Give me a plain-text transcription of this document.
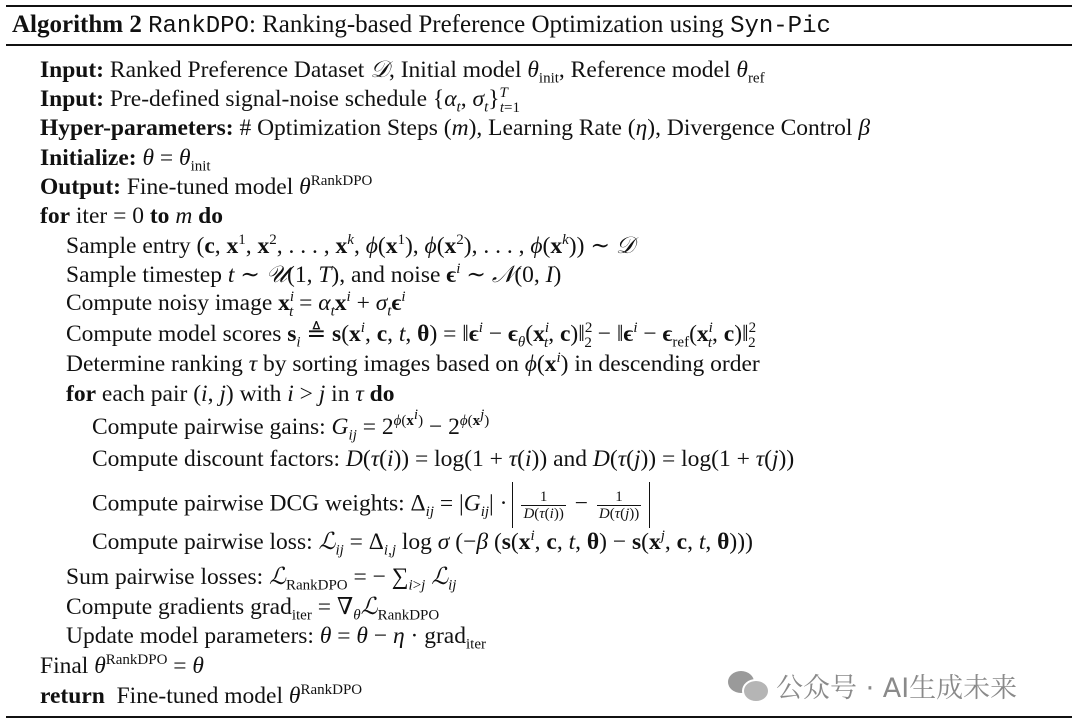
Algorithm 2 RankDPO: Ranking-based Preference Optimization using Syn-Pic
Input: Ranked Preference Dataset 𝒟, Initial model $\theta_{init}$, Reference model $\theta_{ref}$
Input: Pre-defined signal-noise schedule {$\alpha_t$, $\sigma_t\}^T_{t=1}$
Hyper-parameters: # Optimization Steps (m), Learning Rate (η), Divergence Control β
Initialize: $\theta = \theta_{init}$
Output: Fine-tuned model $\theta^{RankDPO}$
for iter = 0 to m do
Sample entry (c, $x^1$, $x^2$, . . . , $x^k$, $\phi(x^1)$, $\phi(x^2)$, . . . , $\phi(x^k)$) ∼ 𝒟
Sample timestep t ∼ 𝒰(1, T), and noise $\epsilon^i$ ∼ 𝒩(0, I)
Compute noisy image $x^i_t = \alpha_tx^i + \sigma_t\epsilon^i$
Compute model scores $s_i$ ≜ $s(x^i$, c, t, $\theta) = ‖\epsilon^i - \epsilon_\theta(x^i_t$, c)‖$^2_2$ − $‖\epsilon^i - \epsilon_{ref}(x^i_t$, c)‖$^2_2$
Determine ranking τ by sorting images based on $\phi(x^i)$ in descending order
for each pair (i, j) with i > j in τ do
Compute pairwise gains: $G_{ij} = 2^{\phi(x^i)} - 2^{\phi(x^j)}$
Compute discount factors: D(τ(i)) = log(1 + τ(i)) and D(τ(j)) = log(1 + τ(j))
Compute pairwise DCG weights: $\Delta_{ij} = |G_{ij}| \cdot \frac{1}{D(\tau(i))} - \frac{1}{D(\tau(j))}$
Compute pairwise loss: ℒ$_{ij}$ = $\Delta_{i,j}$ log σ (−β ($s(x^i$, c, t, $\theta) - s(x^j$, c, t, θ)))
Sum pairwise losses: ℒ$_{RankDPO}$ = − $\sum_{i>j}$ ℒ$_{ij}$
Compute gradients grad$_{iter}$ = $\nabla_\theta ℒ_{RankDPO}$
Update model parameters: θ = θ − η · grad$_{iter}$
Final $\theta^{RankDPO} = \theta$
return Fine-tuned model $\theta^{RankDPO}$	公众号 · AI生成未来
